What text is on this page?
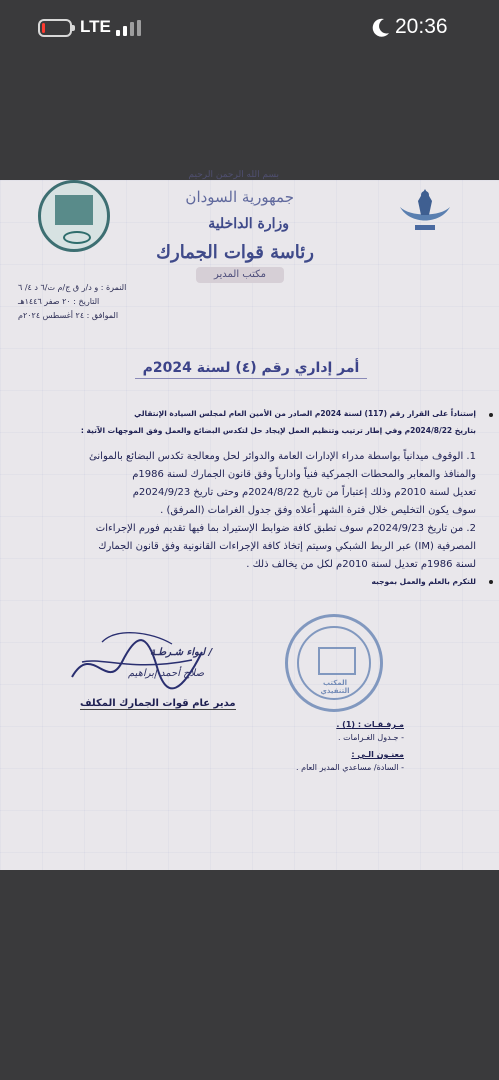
LTE	20:36
بسم الله الرحمن الرحيم
جمهورية السودان
وزارة الداخلية
رئاسة قوات الجمارك
مكتب المدير
النمرة : و د/ر ق ج/م ت/٦ د ٤/ ٦
التاريخ : ٢٠ صفر ١٤٤٦هـ
الموافق : ٢٤ أغسطس ٢٠٢٤م
أمر إداري رقم (٤) لسنة 2024م
إستناداً على القرار رقم (117) لسنة 2024م الصادر من الأمين العام لمجلس السيادة الإنتقالي
بتاريخ 2024/8/22م وفي إطار ترتيب وتنظيم العمل لإيجاد حل لتكدس البضائع والعمل وفق الموجهات الآتية :
1. الوقوف ميدانياً بواسطة مدراء الإدارات العامة والدوائر لحل ومعالجة تكدس البضائع بالموانئ
والمنافذ والمعابر والمحطات الجمركية فنياً وادارياً وفق قانون الجمارك لسنة 1986م
تعديل لسنة 2010م وذلك إعتباراً من تاريخ 2024/8/22م وحتى تاريخ 2024/9/23م
سوف يكون التخليص خلال فترة الشهر أعلاه وفق جدول الغرامات (المرفق) .
2. من تاريخ 2024/9/23م سوف تطبق كافة ضوابط الإستيراد بما فيها تقديم فورم الإجراءات
المصرفية (IM) عبر الربط الشبكي وسيتم إتخاذ كافة الإجراءات القانونية وفق قانون الجمارك
لسنة 1986م تعديل لسنة 2010م لكل من يخالف ذلك .
للتكرم بالعلم والعمل بموجبه
لـواء شـرطـة /
صلاح أحمد إبراهيم
مدير عام قوات الجمارك المكلف
المكتب التنفيذي
مـرفـقـات : (1) .
- جـدول الغـرامات .
معنـون الـي :
- السادة/ مساعدي المدير العام .
